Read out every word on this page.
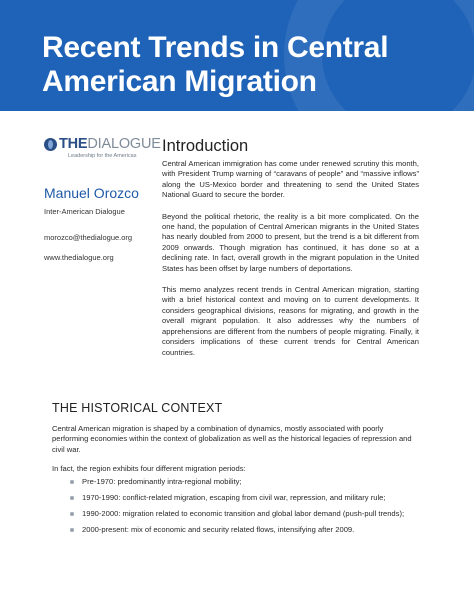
Recent Trends in Central American Migration
THEDIALOGUE
Leadership for the Americas
Manuel Orozco
Inter-American Dialogue
morozco@thedialogue.org
www.thedialogue.org
Introduction

Central American immigration has come under renewed scrutiny this month, with President Trump warning of “caravans of people” and “massive inflows” along the US-Mexico border and threatening to send the United States National Guard to secure the border.

Beyond the political rhetoric, the reality is a bit more complicated. On the one hand, the population of Central American migrants in the United States has nearly doubled from 2000 to present, but the trend is a bit different from 2009 onwards. Though migration has continued, it has done so at a declining rate. In fact, overall growth in the migrant population in the United States has been offset by large numbers of deportations.

This memo analyzes recent trends in Central American migration, starting with a brief historical context and moving on to current developments. It considers geographical divisions, reasons for migrating, and growth in the overall migrant population. It also addresses why the numbers of apprehensions are different from the numbers of people migrating. Finally, it considers implications of these current trends for Central American countries.

THE HISTORICAL CONTEXT

Central American migration is shaped by a combination of dynamics, mostly associated with poorly performing economies within the context of globalization as well as the historical legacies of repression and civil war.

In fact, the region exhibits four different migration periods:

Pre-1970: predominantly intra-regional mobility;
1970-1990: conflict-related migration, escaping from civil war, repression, and military rule;
1990-2000: migration related to economic transition and global labor demand (push-pull trends);
2000-present: mix of economic and security related flows, intensifying after 2009.
